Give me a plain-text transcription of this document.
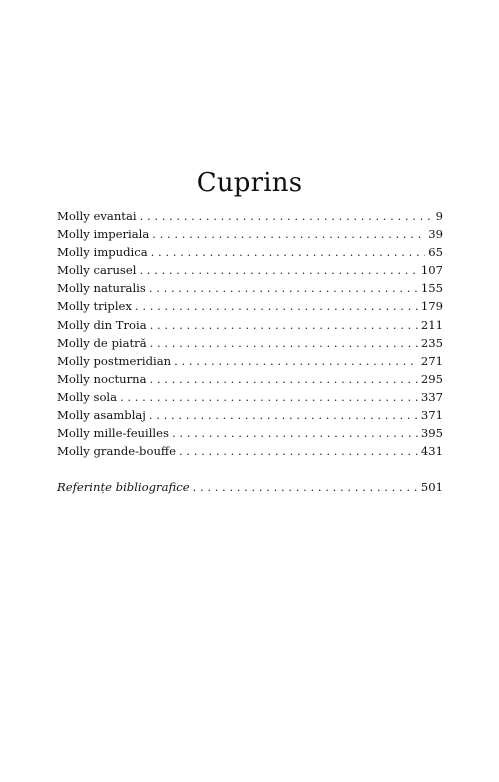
Cuprins
Molly evantai . . .	9
Molly imperiala . . .	39
Molly impudica . . .	65
Molly carusel . . .	107
Molly naturalis . . .	155
Molly triplex . . .	179
Molly din Troia . . .	211
Molly de piatră . . .	235
Molly postmeridian . . .	271
Molly nocturna . . .	295
Molly sola . . .	337
Molly asamblaj . . .	371
Molly mille-feuilles . . .	395
Molly grande-bouffe . . .	431
Referințe bibliografice . . .	501
